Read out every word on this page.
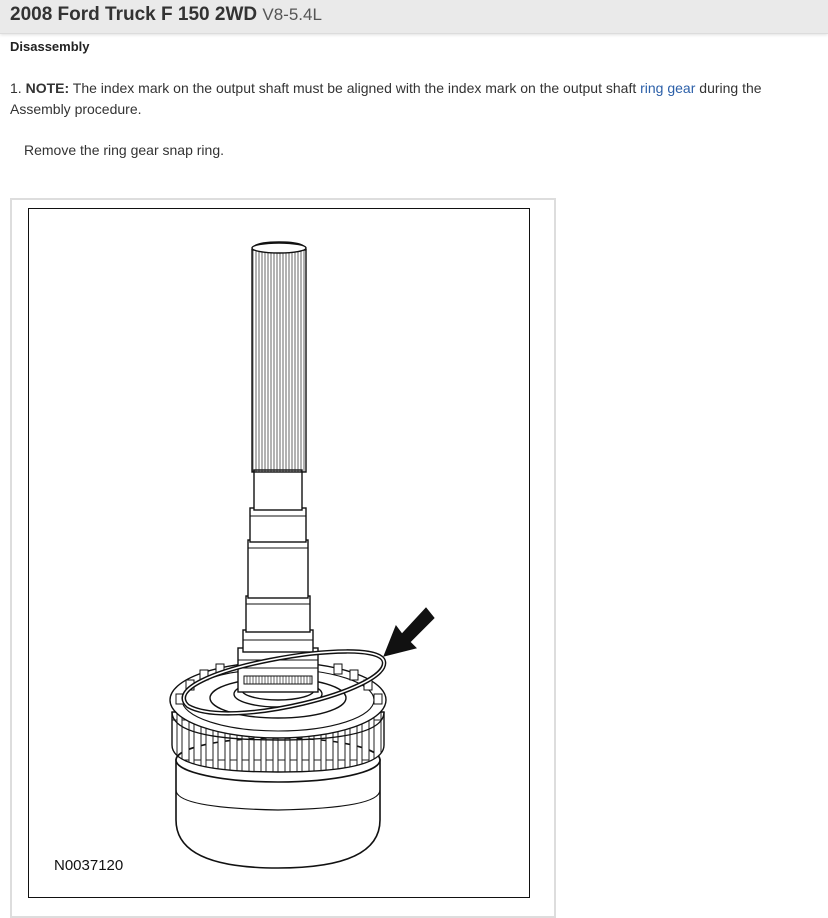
2008 Ford Truck F 150 2WD V8-5.4L
Disassembly
1. NOTE: The index mark on the output shaft must be aligned with the index mark on the output shaft ring gear during the Assembly procedure.
Remove the ring gear snap ring.
N0037120
